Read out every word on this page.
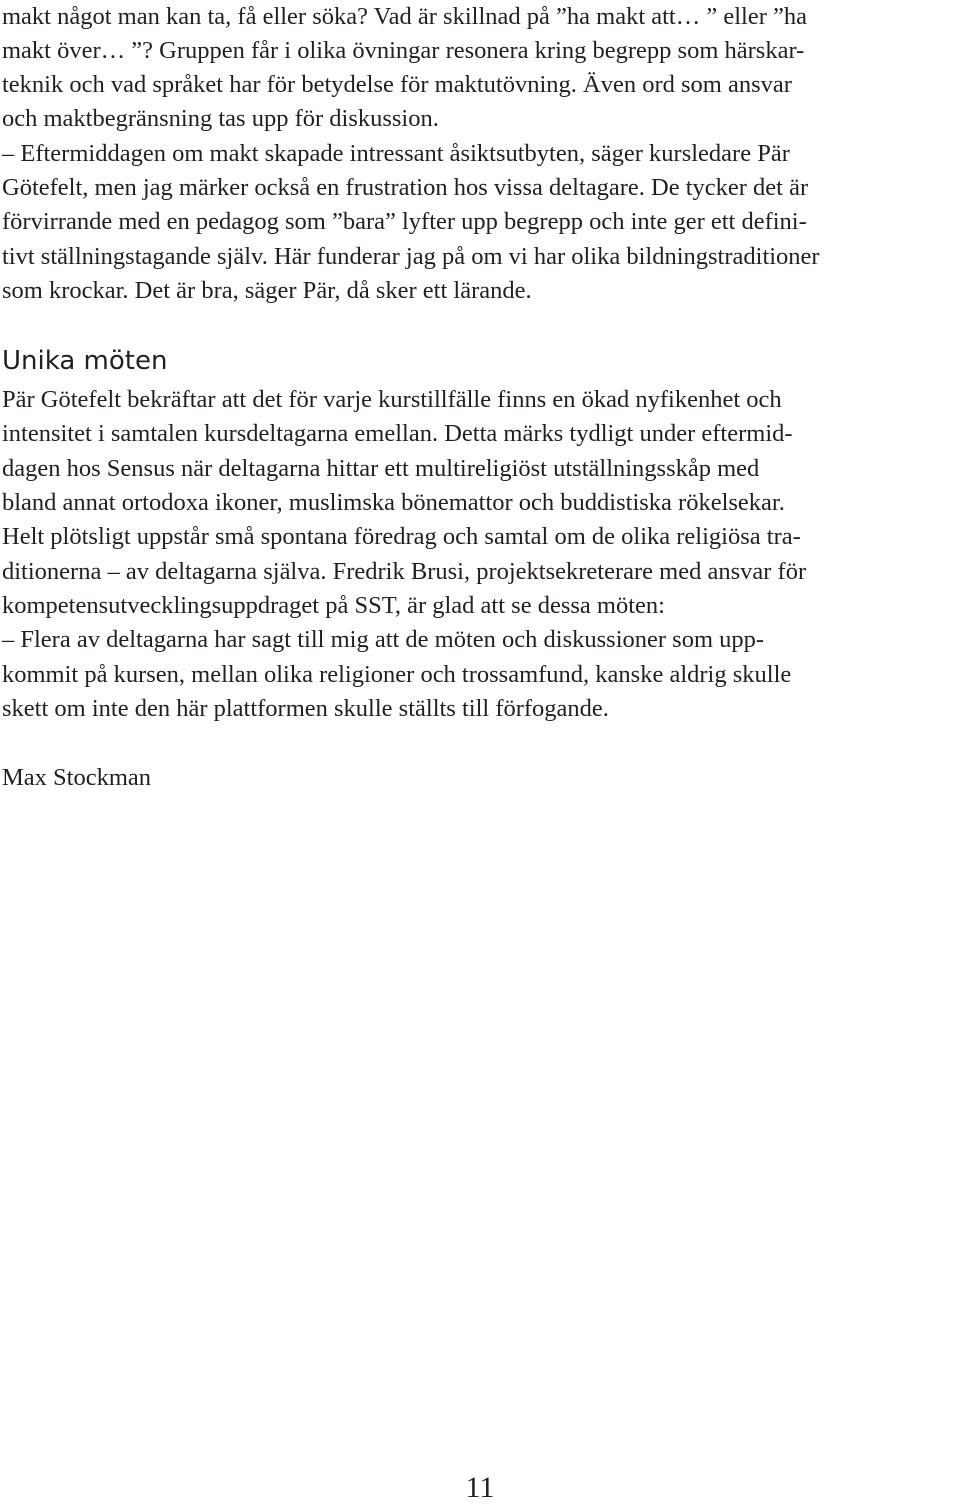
makt något man kan ta, få eller söka? Vad är skillnad på ”ha makt att… ” eller ”ha
makt över… ”? Gruppen får i olika övningar resonera kring begrepp som härskar-
teknik och vad språket har för betydelse för maktutövning. Även ord som ansvar
och maktbegränsning tas upp för diskussion.
– Eftermiddagen om makt skapade intressant åsiktsutbyten, säger kursledare Pär
Götefelt, men jag märker också en frustration hos vissa deltagare. De tycker det är
förvirrande med en pedagog som ”bara” lyfter upp begrepp och inte ger ett defini-
tivt ställningstagande själv. Här funderar jag på om vi har olika bildningstraditioner
som krockar. Det är bra, säger Pär, då sker ett lärande.
Unika möten
Pär Götefelt bekräftar att det för varje kurstillfälle finns en ökad nyfikenhet och
intensitet i samtalen kursdeltagarna emellan. Detta märks tydligt under eftermid-
dagen hos Sensus när deltagarna hittar ett multireligiöst utställningsskåp med
bland annat ortodoxa ikoner, muslimska bönemattor och buddistiska rökelsekar.
Helt plötsligt uppstår små spontana föredrag och samtal om de olika religiösa tra-
ditionerna – av deltagarna själva. Fredrik Brusi, projektsekreterare med ansvar för
kompetensutvecklingsuppdraget på SST, är glad att se dessa möten:
– Flera av deltagarna har sagt till mig att de möten och diskussioner som upp-
kommit på kursen, mellan olika religioner och trossamfund, kanske aldrig skulle
skett om inte den här plattformen skulle ställts till förfogande.
Max Stockman
11
